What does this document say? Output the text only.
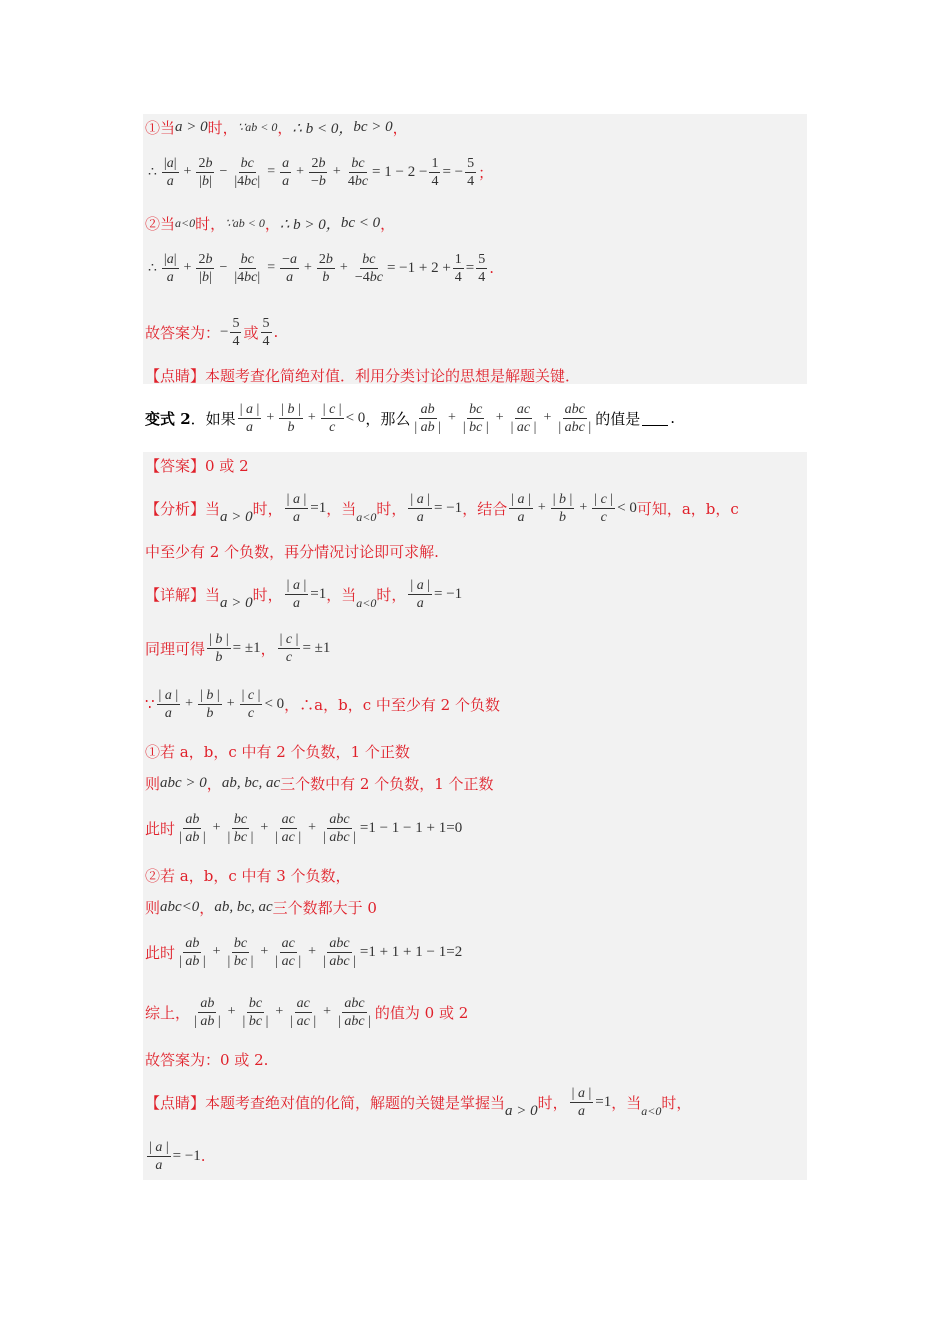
①当 a > 0 时， ∵ab < 0 ， ∴ b < 0， bc > 0 ，
∴ $\frac{|a|}{a} + \frac{2b}{|b|} - \frac{bc}{|4bc|} = \frac{a}{a} + \frac{2b}{-b} + \frac{bc}{4bc} = 1 - 2 - \frac{1}{4}$ = − $\frac{5}{4}$ ；
②当 a<0 时， ∵ab < 0 ， ∴ b > 0， bc < 0 ，
∴ $\frac{|a|}{a} + \frac{2b}{|b|} - \frac{bc}{|4bc|} = \frac{-a}{a} + \frac{2b}{b} + \frac{bc}{-4bc} = -1 + 2 + \frac{1}{4} = \frac{5}{4}$ .
故答案为： − $\frac{5}{4}$ 或 $\frac{5}{4}$ .
【点睛】本题考查化简绝对值．利用分类讨论的思想是解题关键．
变式 2 ．如果 $\frac{| a |}{a} + \frac{| b |}{b} + \frac{| c |}{c} < 0$ ，那么 $\frac{ab}{| ab |} + \frac{bc}{| bc |} + \frac{ac}{| ac |} + \frac{\text{abc}}{\text{| abc |}}$ 的值是 .
【答案】0 或 2
【分析】当 a > 0 时， $\frac{| a |}{a} =1$ ，当 a<0 时， $\frac{| a |}{a} = -1$ ，结合 $\frac{| a |}{a} + \frac{| b |}{b} + \frac{| c |}{c} < 0$ 可知，a，b，c
中至少有 2 个负数，再分情况讨论即可求解.
【详解】当 a > 0 时， $\frac{| a |}{a} =1$ ，当 a<0 时， $\frac{| a |}{a} = -1$
同理可得 $\frac{| b |}{b} = \pm 1$ ， $\frac{| c |}{c} = \pm 1$
∵ $\frac{| a |}{a} + \frac{| b |}{b} + \frac{| c |}{c} < 0$ ，∴a，b，c 中至少有 2 个负数
①若 a，b，c 中有 2 个负数，1 个正数
则 abc > 0 ， ab, bc, ac 三个数中有 2 个负数，1 个正数
此时 $\frac{ab}{| ab |} + \frac{bc}{| bc |} + \frac{ac}{| ac |} + \frac{\text{abc}}{\text{| abc |}} =1 - 1 - 1 + 1=0$
②若 a，b，c 中有 3 个负数，
则 abc<0 ， ab, bc, ac 三个数都大于 0
此时 $\frac{ab}{| ab |} + \frac{bc}{| bc |} + \frac{ac}{| ac |} + \frac{\text{abc}}{\text{| abc |}} =1 + 1 + 1 - 1=2$
综上， $\frac{ab}{| ab |} + \frac{bc}{| bc |} + \frac{ac}{| ac |} + \frac{\text{abc}}{\text{| abc |}}$ 的值为 0 或 2
故答案为：0 或 2.
【点睛】本题考查绝对值的化简，解题的关键是掌握当 a > 0 时， $\frac{| a |}{a} =1$ ，当 a<0 时，
$\frac{| a |}{a} = -1$ .
